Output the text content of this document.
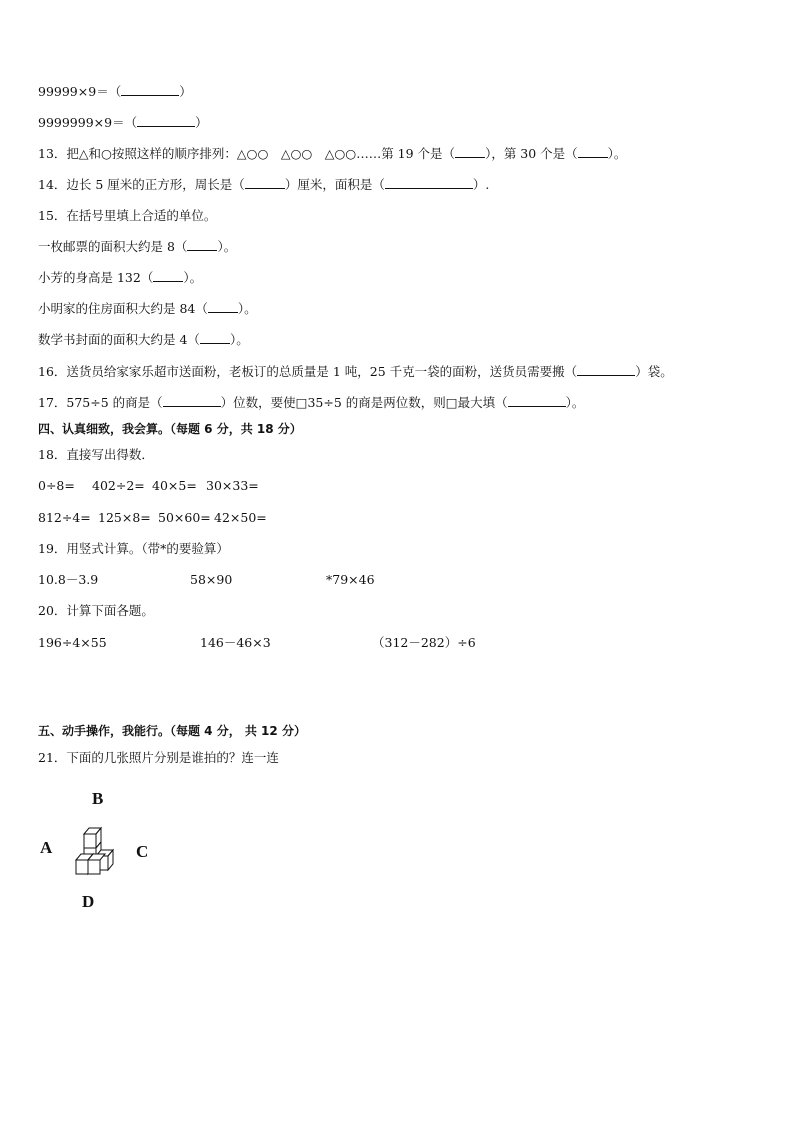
99999×9＝（	）
9999999×9＝（	）
13．把△和○按照这样的顺序排列：△○○　△○○　△○○……第 19 个是（ ），第 30 个是（ ）。
14．边长 5 厘米的正方形，周长是（	）厘米，面积是（	）.
15．在括号里填上合适的单位。
一枚邮票的面积大约是 8（ ）。
小芳的身高是 132（ ）。
小明家的住房面积大约是 84（ ）。
数学书封面的面积大约是 4（ ）。
16．送货员给家家乐超市送面粉，老板订的总质量是 1 吨，25 千克一袋的面粉，送货员需要搬（	）袋。
17．575÷5 的商是（	）位数，要使□35÷5 的商是两位数，则□最大填（	）。
四、认真细致，我会算。（每题 6 分，共 18 分）
18．直接写出得数．
0÷8= 402÷2= 40×5= 30×33=
812÷4= 125×8= 50×60= 42×50=
19．用竖式计算。（带*的要验算）
10.8－3.9	58×90	*79×46
20．计算下面各题。
196÷4×55	146－46×3	（312－282）÷6
五、动手操作，我能行。（每题 4 分， 共 12 分）
21．下面的几张照片分别是谁拍的？连一连
B
A	C
D
